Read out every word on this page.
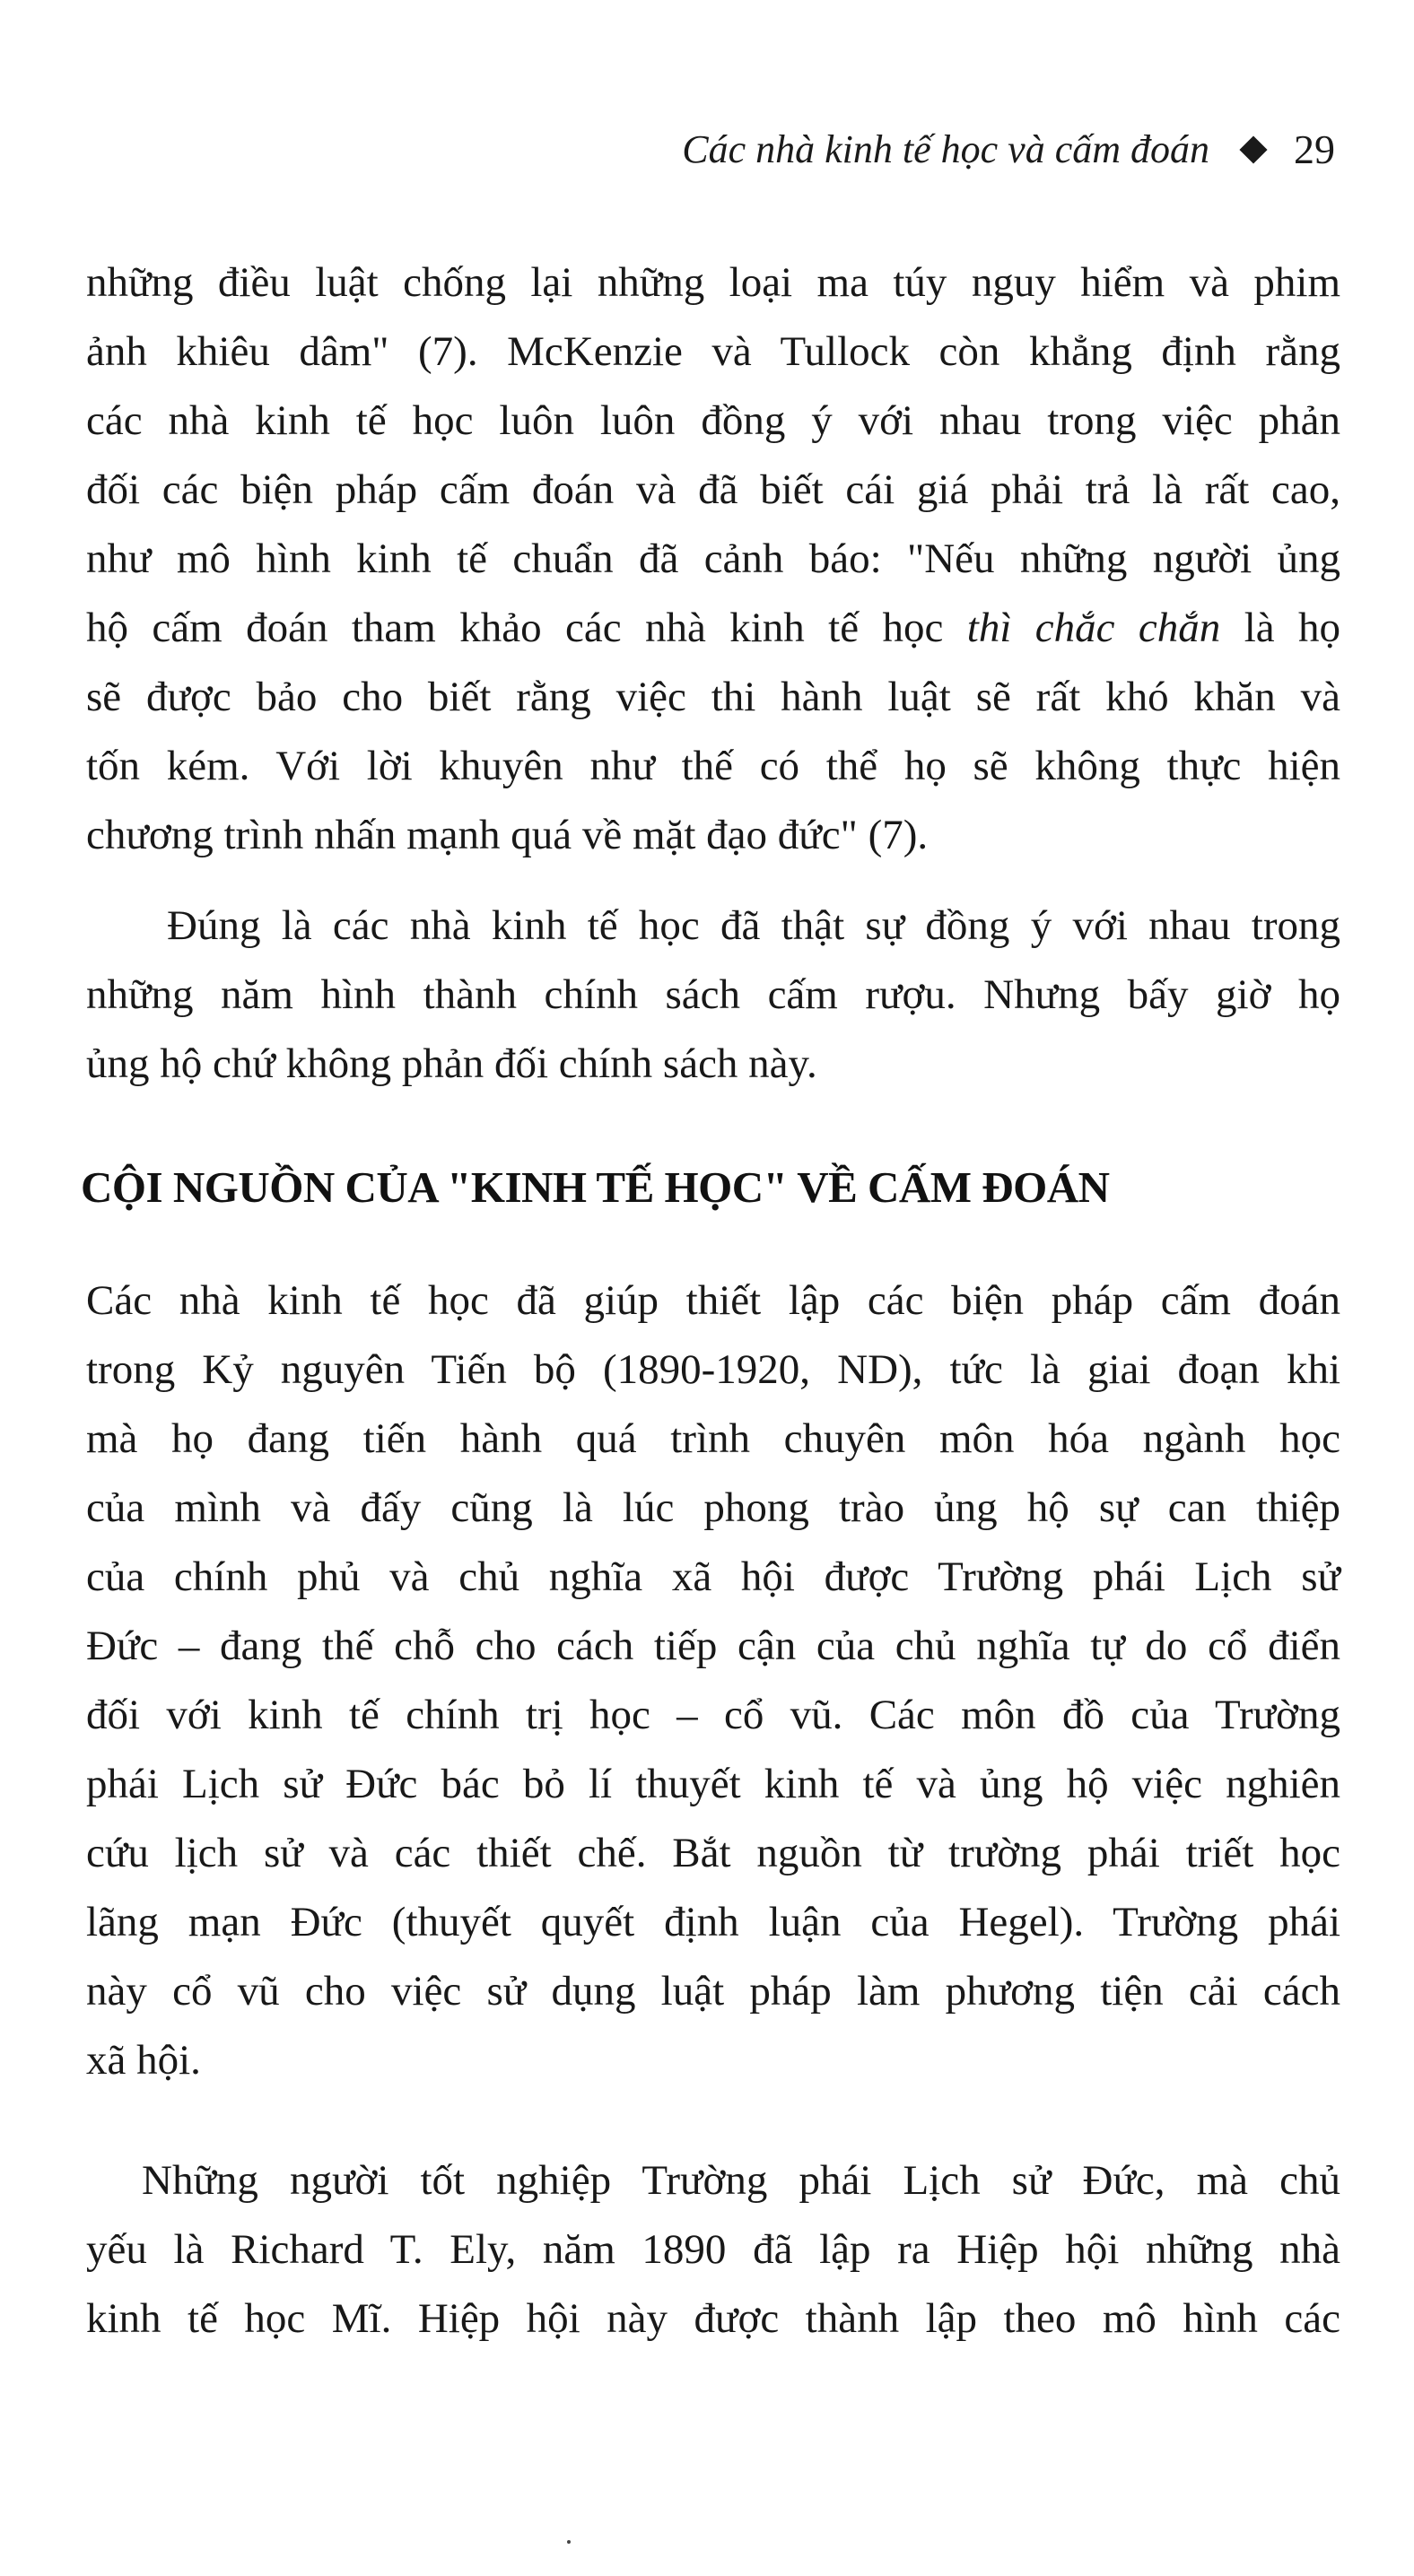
Các nhà kinh tế học và cấm đoán 29
những điều luật chống lại những loại ma túy nguy hiểm và phim
ảnh khiêu dâm" (7). McKenzie và Tullock còn khẳng định rằng
các nhà kinh tế học luôn luôn đồng ý với nhau trong việc phản
đối các biện pháp cấm đoán và đã biết cái giá phải trả là rất cao,
như mô hình kinh tế chuẩn đã cảnh báo: "Nếu những người ủng
hộ cấm đoán tham khảo các nhà kinh tế học thì chắc chắn là họ
sẽ được bảo cho biết rằng việc thi hành luật sẽ rất khó khăn và
tốn kém. Với lời khuyên như thế có thể họ sẽ không thực hiện
chương trình nhấn mạnh quá về mặt đạo đức" (7).
Đúng là các nhà kinh tế học đã thật sự đồng ý với nhau trong
những năm hình thành chính sách cấm rượu. Nhưng bấy giờ họ
ủng hộ chứ không phản đối chính sách này.
CỘI NGUỒN CỦA "KINH TẾ HỌC" VỀ CẤM ĐOÁN
Các nhà kinh tế học đã giúp thiết lập các biện pháp cấm đoán
trong Kỷ nguyên Tiến bộ (1890-1920, ND), tức là giai đoạn khi
mà họ đang tiến hành quá trình chuyên môn hóa ngành học
của mình và đấy cũng là lúc phong trào ủng hộ sự can thiệp
của chính phủ và chủ nghĩa xã hội được Trường phái Lịch sử
Đức – đang thế chỗ cho cách tiếp cận của chủ nghĩa tự do cổ điển
đối với kinh tế chính trị học – cổ vũ. Các môn đồ của Trường
phái Lịch sử Đức bác bỏ lí thuyết kinh tế và ủng hộ việc nghiên
cứu lịch sử và các thiết chế. Bắt nguồn từ trường phái triết học
lãng mạn Đức (thuyết quyết định luận của Hegel). Trường phái
này cổ vũ cho việc sử dụng luật pháp làm phương tiện cải cách
xã hội.
Những người tốt nghiệp Trường phái Lịch sử Đức, mà chủ
yếu là Richard T. Ely, năm 1890 đã lập ra Hiệp hội những nhà
kinh tế học Mĩ. Hiệp hội này được thành lập theo mô hình các
